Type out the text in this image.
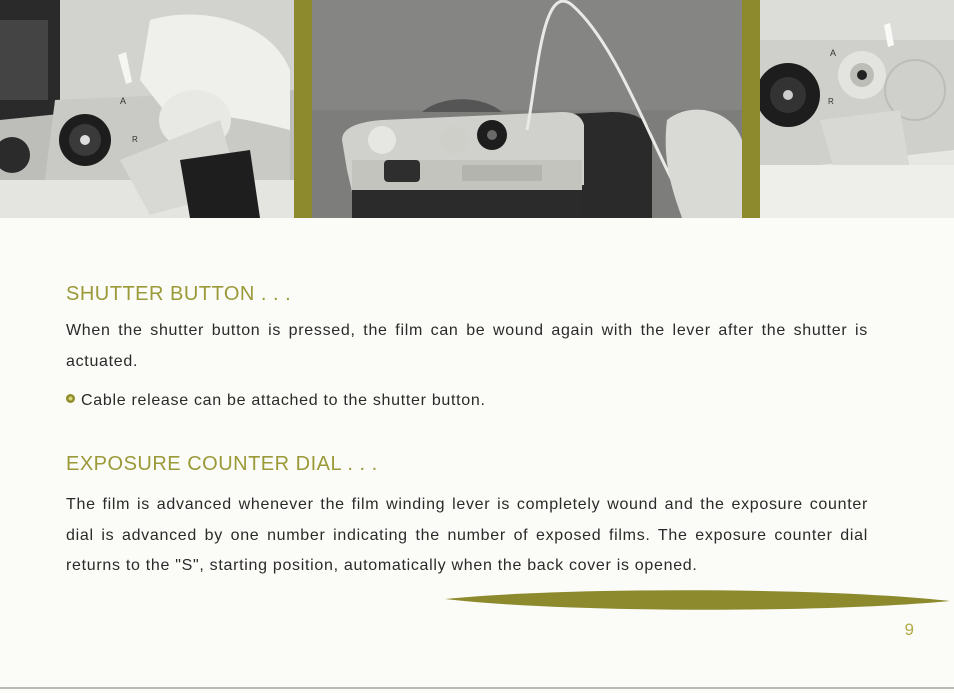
A
R
A
R
SHUTTER BUTTON . . .

When the shutter button is pressed, the film can be wound again with the lever after the shutter is actuated.

Cable release can be attached to the shutter button.

EXPOSURE COUNTER DIAL . . .

The film is advanced whenever the film winding lever is completely wound and the exposure counter dial is advanced by one number indicating the number of exposed films. The exposure counter dial returns to the "S", starting position, automatically when the back cover is opened.

9
